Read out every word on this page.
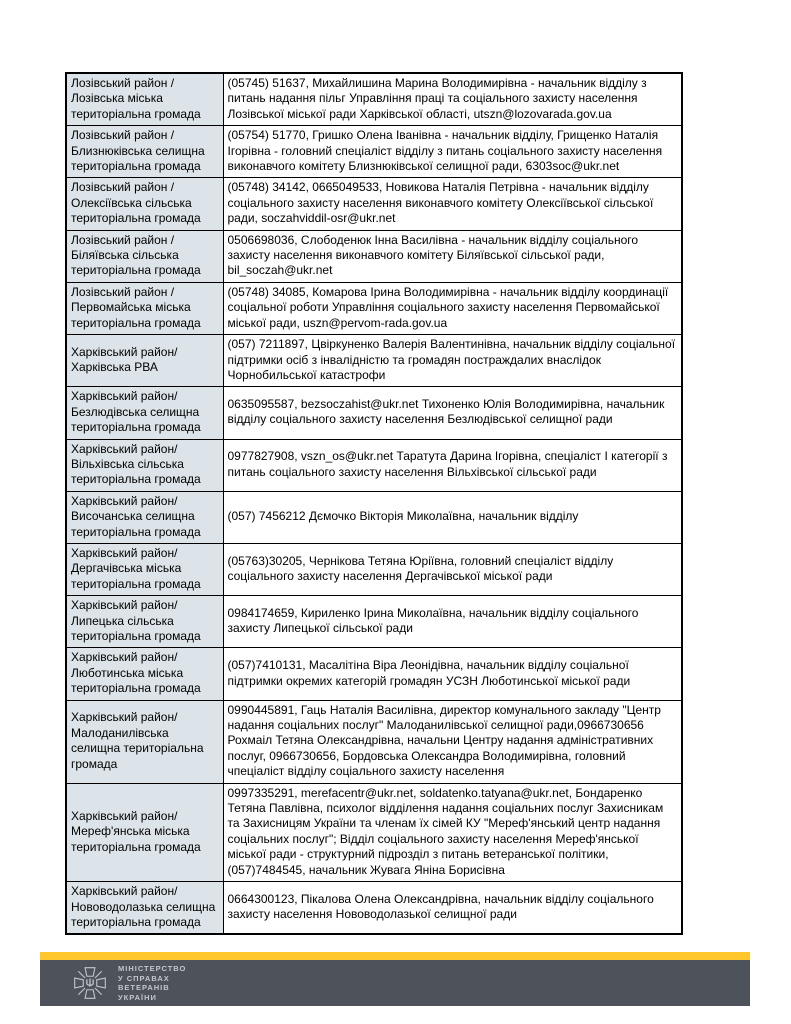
Лозівський район / Лозівська міська територіальна громада	(05745) 51637, Михайлишина Марина Володимирівна - начальник відділу з питань надання пільг Управління праці та соціального захисту населення Лозівської міської ради Харківської області, utszn@lozovarada.gov.ua
Лозівський район / Близнюківська селищна територіальна громада	(05754) 51770, Гришко Олена Іванівна - начальник відділу, Грищенко Наталія Ігорівна - головний спеціаліст відділу з питань соціального захисту населення виконавчого комітету Близнюківської селищної ради, 6303soc@ukr.net
Лозівський район / Олексіївська сільська територіальна громада	(05748) 34142, 0665049533, Новикова Наталія Петрівна - начальник відділу соціального захисту населення виконавчого комітету Олексіївської сільської ради, soczahviddil-osr@ukr.net
Лозівський район / Біляївська сільська територіальна громада	0506698036, Слободенюк Інна Василівна - начальник відділу соціального захисту населення виконавчого комітету Біляївської сільської ради, bil_soczah@ukr.net
Лозівський район / Первомайська міська територіальна громада	(05748) 34085, Комарова Ірина Володимирівна - начальник відділу координації соціальної роботи Управління соціального захисту населення Первомайської міської ради, uszn@pervom-rada.gov.ua
Харківський район/ Харківська РВА	(057) 7211897, Цвіркуненко Валерія Валентинівна, начальник відділу соціальної підтримки осіб з інвалідністю та громадян постраждалих внаслідок Чорнобильської катастрофи
Харківський район/ Безлюдівська селищна територіальна громада	0635095587, bezsoczahist@ukr.net Тихоненко Юлія Володимирівна, начальник відділу соціального захисту населення Безлюдівської селищної ради
Харківський район/ Вільхівська сільська територіальна громада	0977827908, vszn_os@ukr.net Таратута Дарина Ігорівна, спеціаліст І категорії з питань соціального захисту населення Вільхівської сільської ради
Харківський район/ Височанська селищна територіальна громада	(057) 7456212 Дємочко Вікторія Миколаївна, начальник відділу
Харківський район/ Дергачівська міська територіальна громада	(05763)30205, Чернікова Тетяна Юріївна, головний спеціаліст відділу соціального захисту населення Дергачівської міської ради
Харківський район/ Липецька сільська територіальна громада	0984174659, Кириленко Ірина Миколаївна, начальник відділу соціального захисту Липецької сільської ради
Харківський район/ Люботинська міська територіальна громада	(057)7410131, Масалітіна Віра Леонідівна, начальник відділу соціальної підтримки окремих категорій громадян УСЗН Люботинської міської ради
Харківський район/ Малоданилівська селищна територіальна громада	0990445891, Гаць Наталія Василівна, директор комунального закладу "Центр надання соціальних послуг" Малоданилівської селищної ради,0966730656 Рохмаіл Тетяна Олександрівна, начальни Центру надання адміністративних послуг, 0966730656, Бордовська Олександра Володимирівна, головний чпеціаліст відділу соціального захисту населення
Харківський район/ Мереф'янська міська територіальна громада	0997335291, merefacentr@ukr.net, soldatenko.tatyana@ukr.net, Бондаренко Тетяна Павлівна, психолог відділення надання соціальних послуг Захисникам та Захисницям України та членам їх сімей КУ "Мереф'янський центр надання соціальних послуг"; Відділ соціального захисту населення Мереф'янської міської ради - структурний підрозділ з питань ветеранської політики, (057)7484545, начальник Жувага Яніна Борисівна
Харківський район/ Нововодолазька селищна територіальна громада	0664300123, Пікалова Олена Олександрівна, начальник відділу соціального захисту населення Нововодолазької селищної ради
МІНІСТЕРСТВО
У СПРАВАХ
ВЕТЕРАНІВ
УКРАЇНИ
